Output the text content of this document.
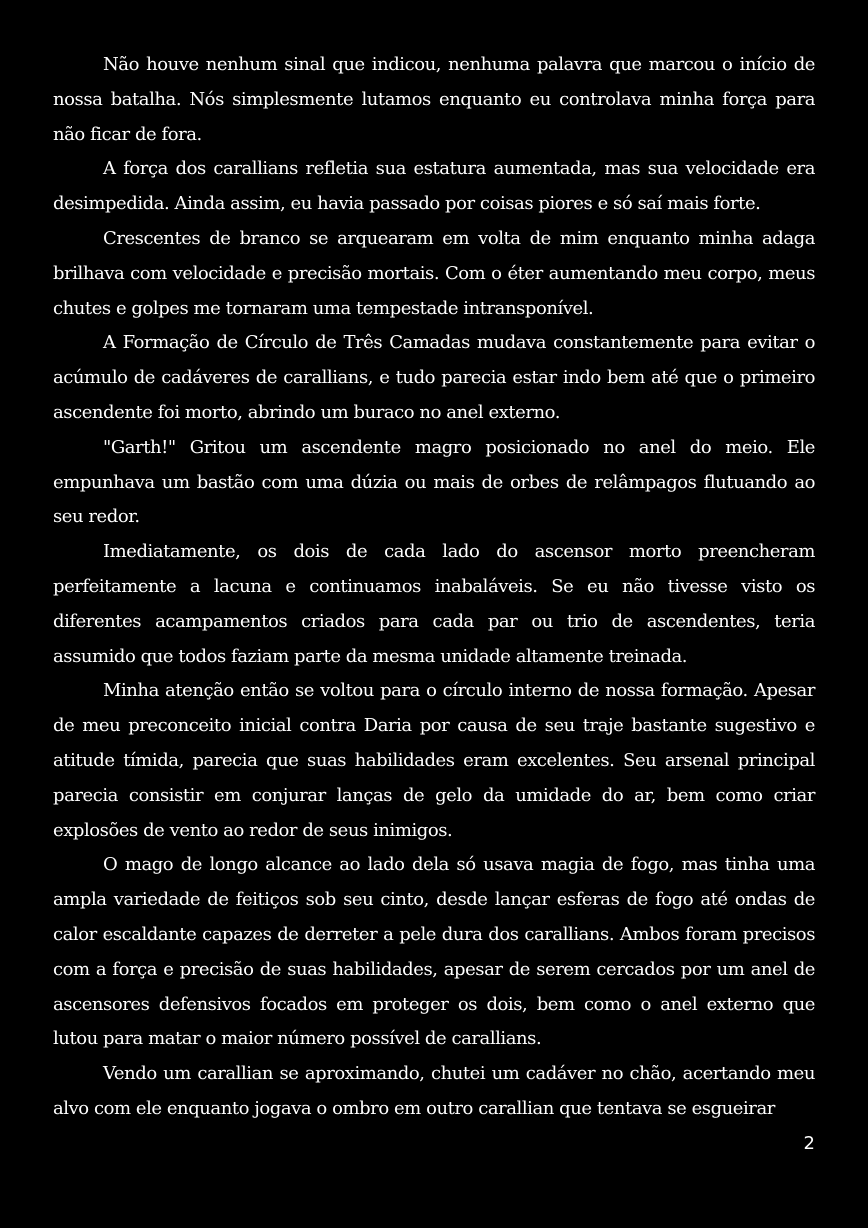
Não houve nenhum sinal que indicou, nenhuma palavra que marcou o início de nossa batalha. Nós simplesmente lutamos enquanto eu controlava minha força para não ficar de fora.

A força dos carallians refletia sua estatura aumentada, mas sua velocidade era desimpedida. Ainda assim, eu havia passado por coisas piores e só saí mais forte.

Crescentes de branco se arquearam em volta de mim enquanto minha adaga brilhava com velocidade e precisão mortais. Com o éter aumentando meu corpo, meus chutes e golpes me tornaram uma tempestade intransponível.

A Formação de Círculo de Três Camadas mudava constantemente para evitar o acúmulo de cadáveres de carallians, e tudo parecia estar indo bem até que o primeiro ascendente foi morto, abrindo um buraco no anel externo.

"Garth!" Gritou um ascendente magro posicionado no anel do meio. Ele empunhava um bastão com uma dúzia ou mais de orbes de relâmpagos flutuando ao seu redor.

Imediatamente, os dois de cada lado do ascensor morto preencheram perfeitamente a lacuna e continuamos inabaláveis. Se eu não tivesse visto os diferentes acampamentos criados para cada par ou trio de ascendentes, teria assumido que todos faziam parte da mesma unidade altamente treinada.

Minha atenção então se voltou para o círculo interno de nossa formação. Apesar de meu preconceito inicial contra Daria por causa de seu traje bastante sugestivo e atitude tímida, parecia que suas habilidades eram excelentes. Seu arsenal principal parecia consistir em conjurar lanças de gelo da umidade do ar, bem como criar explosões de vento ao redor de seus inimigos.

O mago de longo alcance ao lado dela só usava magia de fogo, mas tinha uma ampla variedade de feitiços sob seu cinto, desde lançar esferas de fogo até ondas de calor escaldante capazes de derreter a pele dura dos carallians. Ambos foram precisos com a força e precisão de suas habilidades, apesar de serem cercados por um anel de ascensores defensivos focados em proteger os dois, bem como o anel externo que lutou para matar o maior número possível de carallians.

Vendo um carallian se aproximando, chutei um cadáver no chão, acertando meu alvo com ele enquanto jogava o ombro em outro carallian que tentava se esgueirar

2
